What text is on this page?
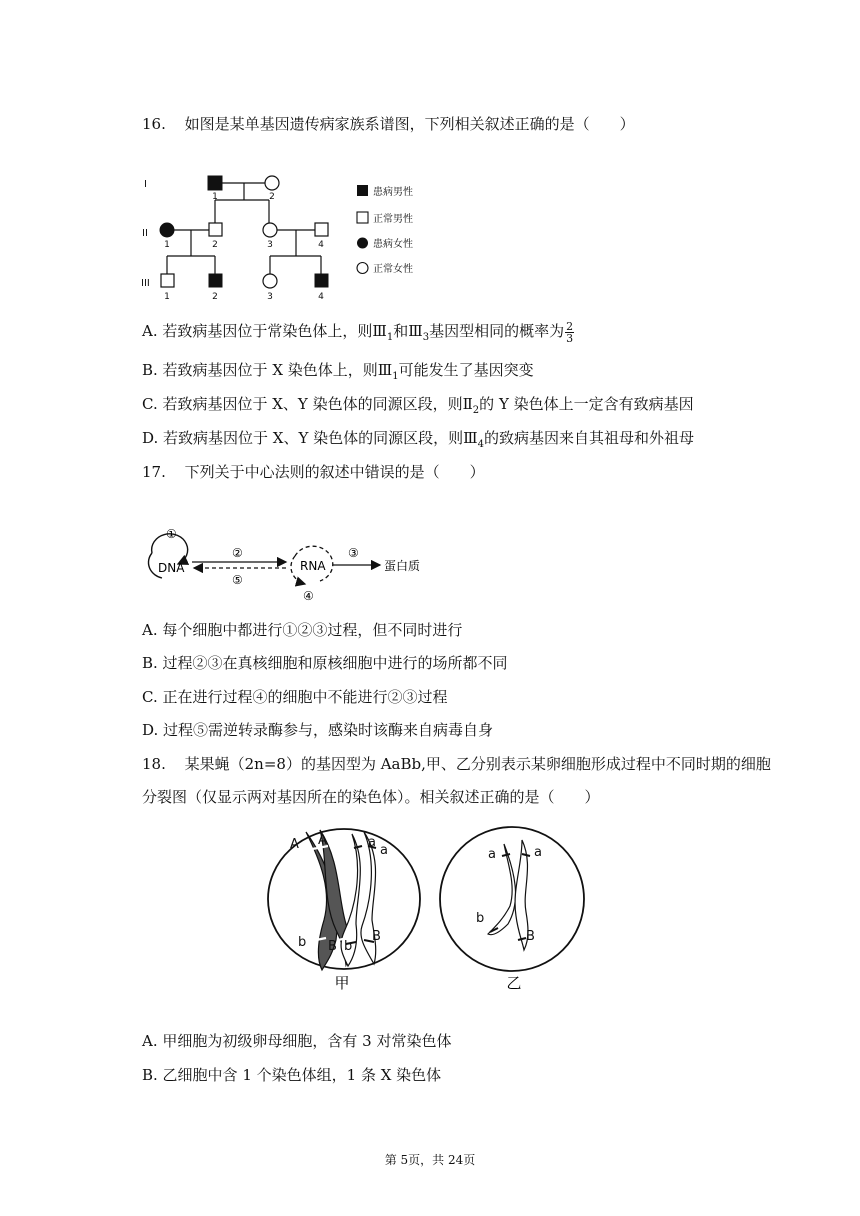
16. 如图是某单基因遗传病家族系谱图，下列相关叙述正确的是（　　）
I
II
III
1	2
1	2	3	4
1	2	3	4
患病男性
正常男性
患病女性
正常女性
A. 若致病基因位于常染色体上，则$Ⅲ_1$和$Ⅲ_3$基因型相同的概率为 $\frac{2}{3}$
B. 若致病基因位于 X 染色体上，则$Ⅲ_1$可能发生了基因突变
C. 若致病基因位于 X、Y 染色体的同源区段，则$Ⅱ_2$的 Y 染色体上一定含有致病基因
D. 若致病基因位于 X、Y 染色体的同源区段，则$Ⅲ_4$的致病基因来自其祖母和外祖母
17. 下列关于中心法则的叙述中错误的是（　　）
①
DNA
②
⑤
RNA
④
③
蛋白质
A. 每个细胞中都进行①②③过程，但不同时进行
B. 过程②③在真核细胞和原核细胞中进行的场所都不同
C. 正在进行过程④的细胞中不能进行②③过程
D. 过程⑤需逆转录酶参与，感染时该酶来自病毒自身
18. 某果蝇（2n=8）的基因型为 AaBb,甲、乙分别表示某卵细胞形成过程中不同时期的细胞
分裂图（仅显示两对基因所在的染色体）。相关叙述正确的是（　　）
A A	a
a
b B b
B
a	a
b
B
甲	乙
A. 甲细胞为初级卵母细胞，含有 3 对常染色体
B. 乙细胞中含 1 个染色体组，1 条 X 染色体
第 5页，共 24页
